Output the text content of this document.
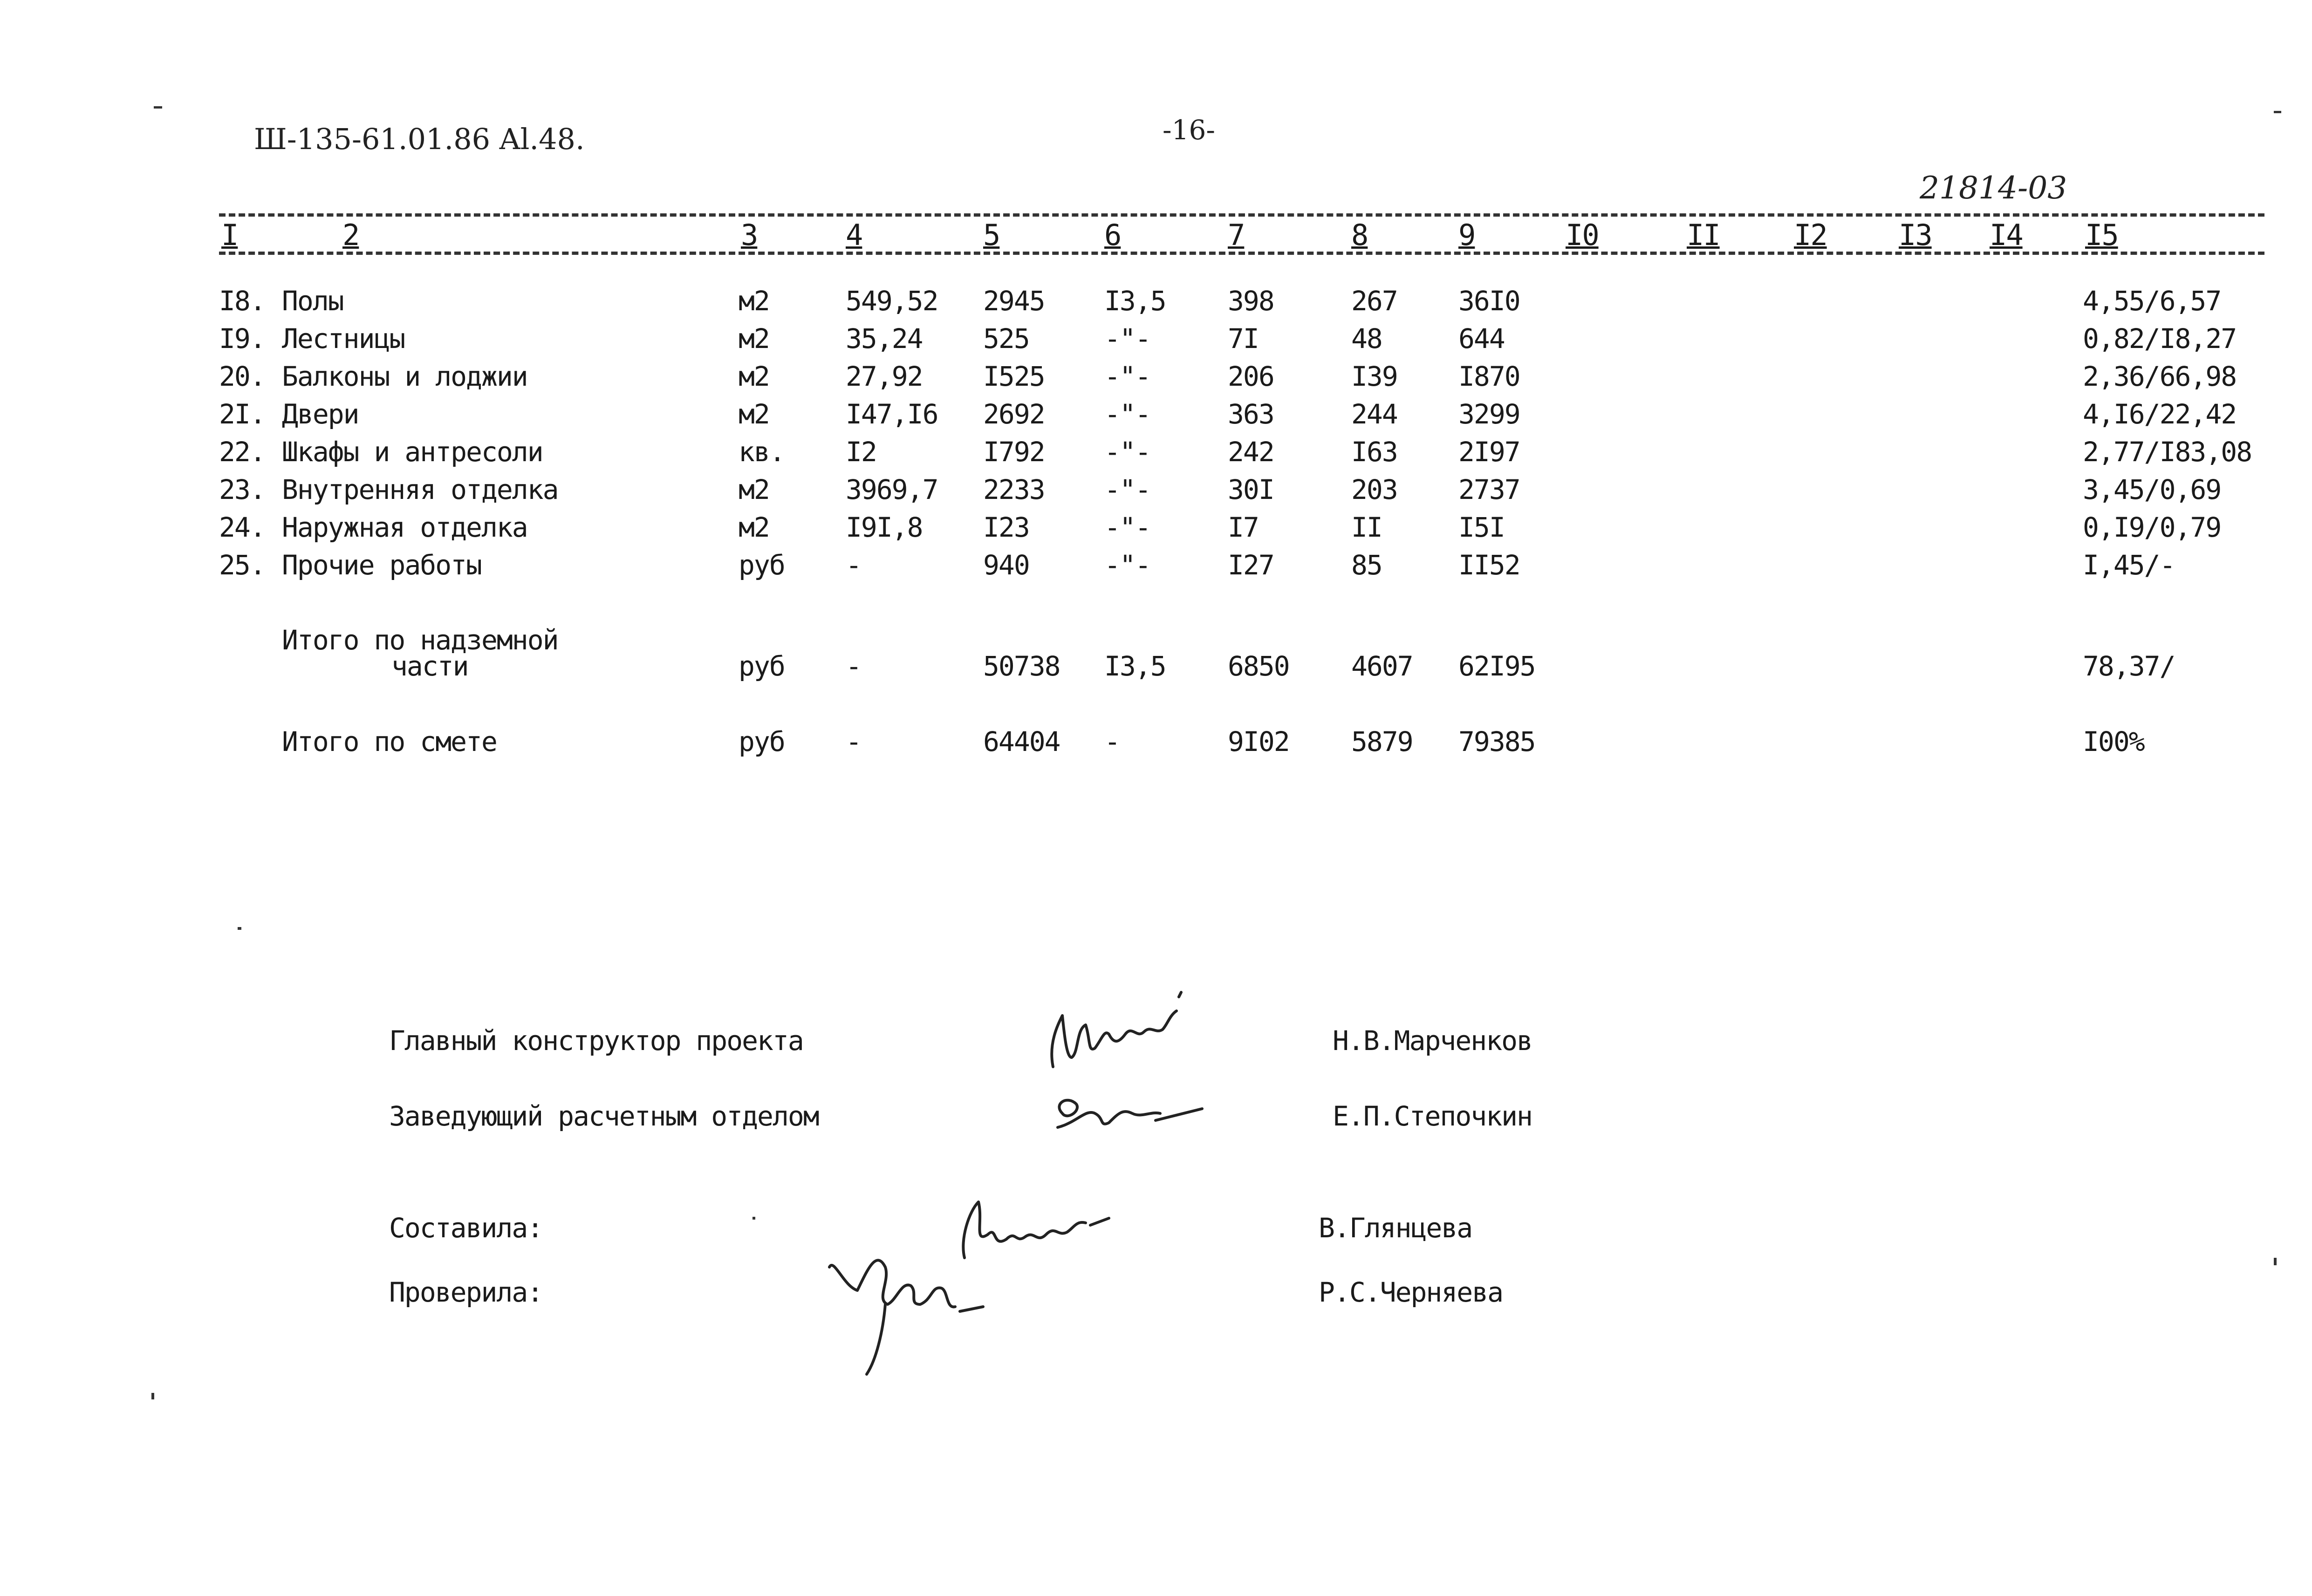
Ш-135-61.01.86 Al.48.	-16-
21814-03
I	2	3	4	5	6	7	8	9	I0	II	I2 I3 I4 I5
I8. Полы	м2	549,52 2945 I3,5 398	267 36I0	4,55/6,57
I9. Лестницы	м2	35,24 525	-"-	7I	48	644	0,82/I8,27
20. Балконы и лоджии	м2	27,92 I525 -"-	206	I39 I870	2,36/66,98
2I. Двери	м2	I47,I6 2692 -"-	363	244 3299	4,I6/22,42
22. Шкафы и антресоли	кв. I2	I792 -"-	242	I63 2I97	2,77/I83,08
23. Внутренняя отделка	м2	3969,7 2233 -"-	30I	203 2737	3,45/0,69
24. Наружная отделка	м2	I9I,8 I23	-"-	I7	II	I5I	0,I9/0,79
25. Прочие работы	руб -	940	-"-	I27	85	II52	I,45/-
Итого по надземной
части	руб -	50738 I3,5 6850 4607 62I95	78,37/
Итого по смете	руб -	64404 -	9I02 5879 79385	I00%
Главный конструктор проекта	Н.В.Марченков
Заведующий расчетным отделом	Е.П.Степочкин
Составила:	В.Глянцева
Проверила:	Р.С.Черняева
